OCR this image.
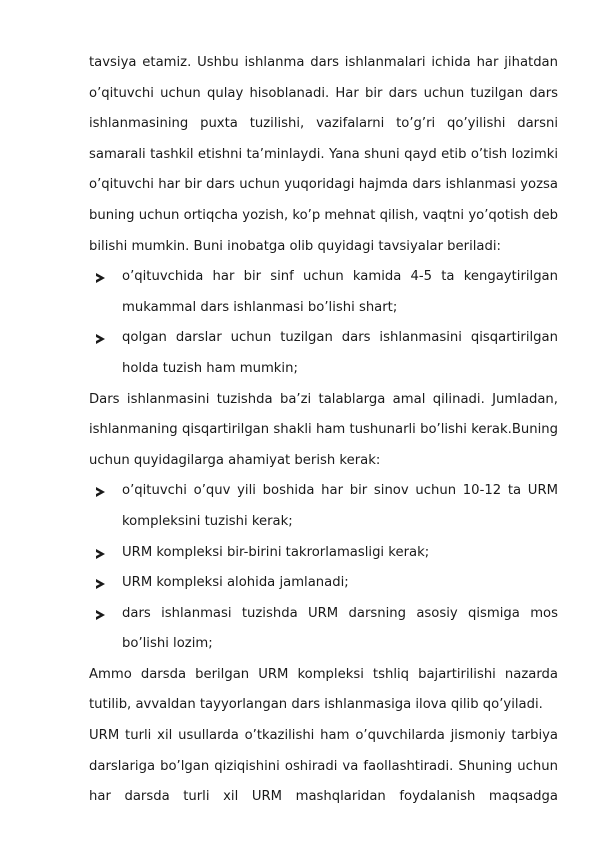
tavsiya etamiz. Ushbu ishlanma dars ishlanmalari ichida har jihatdan o’qituvchi uchun qulay hisoblanadi. Har bir dars uchun tuzilgan dars ishlanmasining puxta tuzilishi, vazifalarni to’g’ri qo’yilishi darsni samarali tashkil etishni ta’minlaydi. Yana shuni qayd etib o’tish lozimki o’qituvchi har bir dars uchun yuqoridagi hajmda dars ishlanmasi yozsa buning uchun ortiqcha yozish, ko’p mehnat qilish, vaqtni yo’qotish deb bilishi mumkin. Buni inobatga olib quyidagi tavsiyalar beriladi:

o’qituvchida har bir sinf uchun kamida 4-5 ta kengaytirilgan mukammal dars ishlanmasi bo’lishi shart;
qolgan darslar uchun tuzilgan dars ishlanmasini qisqartirilgan holda tuzish ham mumkin;

Dars ishlanmasini tuzishda ba’zi talablarga amal qilinadi. Jumladan, ishlanmaning qisqartirilgan shakli ham tushunarli bo’lishi kerak.Buning uchun quyidagilarga ahamiyat berish kerak:

o’qituvchi o’quv yili boshida har bir sinov uchun 10-12 ta URM kompleksini tuzishi kerak;
URM kompleksi bir-birini takrorlamasligi kerak;
URM kompleksi alohida jamlanadi;
dars ishlanmasi tuzishda URM darsning asosiy qismiga mos bo’lishi lozim;

Ammo darsda berilgan URM kompleksi tshliq bajartirilishi nazarda tutilib, avvaldan tayyorlangan dars ishlanmasiga ilova qilib qo’yiladi.

URM turli xil usullarda o’tkazilishi ham o’quvchilarda jismoniy tarbiya darslariga bo’lgan qiziqishini oshiradi va faollashtiradi. Shuning uchun har darsda turli xil URM mashqlaridan foydalanish maqsadga
